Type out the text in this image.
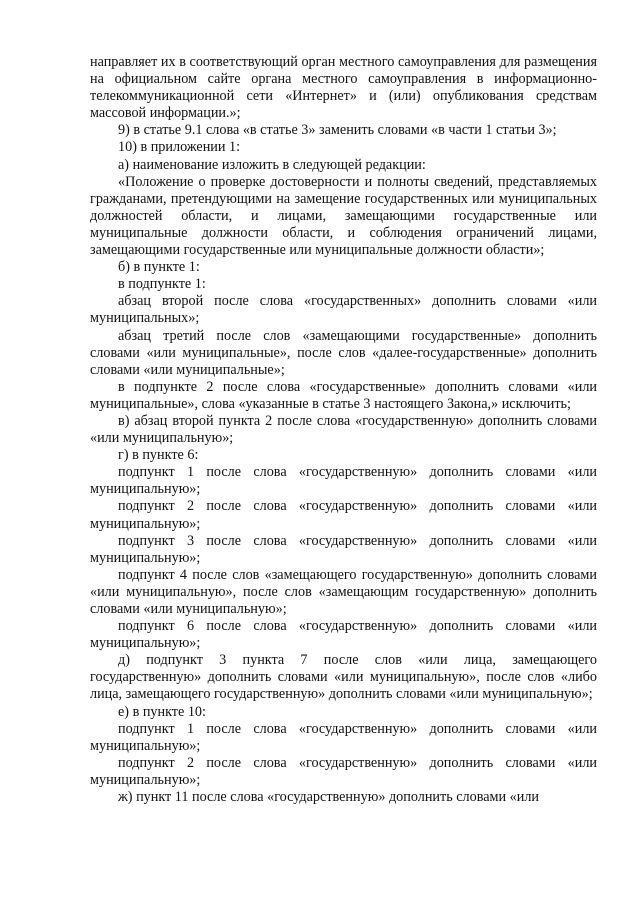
направляет их в соответствующий орган местного самоуправления для размещения на официальном сайте органа местного самоуправления в информационно-телекоммуникационной сети «Интернет» и (или) опубликования средствам массовой информации.»;

9) в статье 9.1 слова «в статье 3» заменить словами «в части 1 статьи 3»;

10) в приложении 1:

а) наименование изложить в следующей редакции:

«Положение о проверке достоверности и полноты сведений, представляемых гражданами, претендующими на замещение государственных или муниципальных должностей области, и лицами, замещающими государственные или муниципальные должности области, и соблюдения ограничений лицами, замещающими государственные или муниципальные должности области»;

б) в пункте 1:

в подпункте 1:

абзац второй после слова «государственных» дополнить словами «или муниципальных»;

абзац третий после слов «замещающими государственные» дополнить словами «или муниципальные», после слов «далее-государственные» дополнить словами «или муниципальные»;

в подпункте 2 после слова «государственные» дополнить словами «или муниципальные», слова «указанные в статье 3 настоящего Закона,» исключить;

в) абзац второй пункта 2 после слова «государственную» дополнить словами «или муниципальную»;

г) в пункте 6:

подпункт 1 после слова «государственную» дополнить словами «или муниципальную»;

подпункт 2 после слова «государственную» дополнить словами «или муниципальную»;

подпункт 3 после слова «государственную» дополнить словами «или муниципальную»;

подпункт 4 после слов «замещающего государственную» дополнить словами «или муниципальную», после слов «замещающим государственную» дополнить словами «или муниципальную»;

подпункт 6 после слова «государственную» дополнить словами «или муниципальную»;

д) подпункт 3 пункта 7 после слов «или лица, замещающего государственную» дополнить словами «или муниципальную», после слов «либо лица, замещающего государственную» дополнить словами «или муниципальную»;

е) в пункте 10:

подпункт 1 после слова «государственную» дополнить словами «или муниципальную»;

подпункт 2 после слова «государственную» дополнить словами «или муниципальную»;

ж) пункт 11 после слова «государственную» дополнить словами «или
